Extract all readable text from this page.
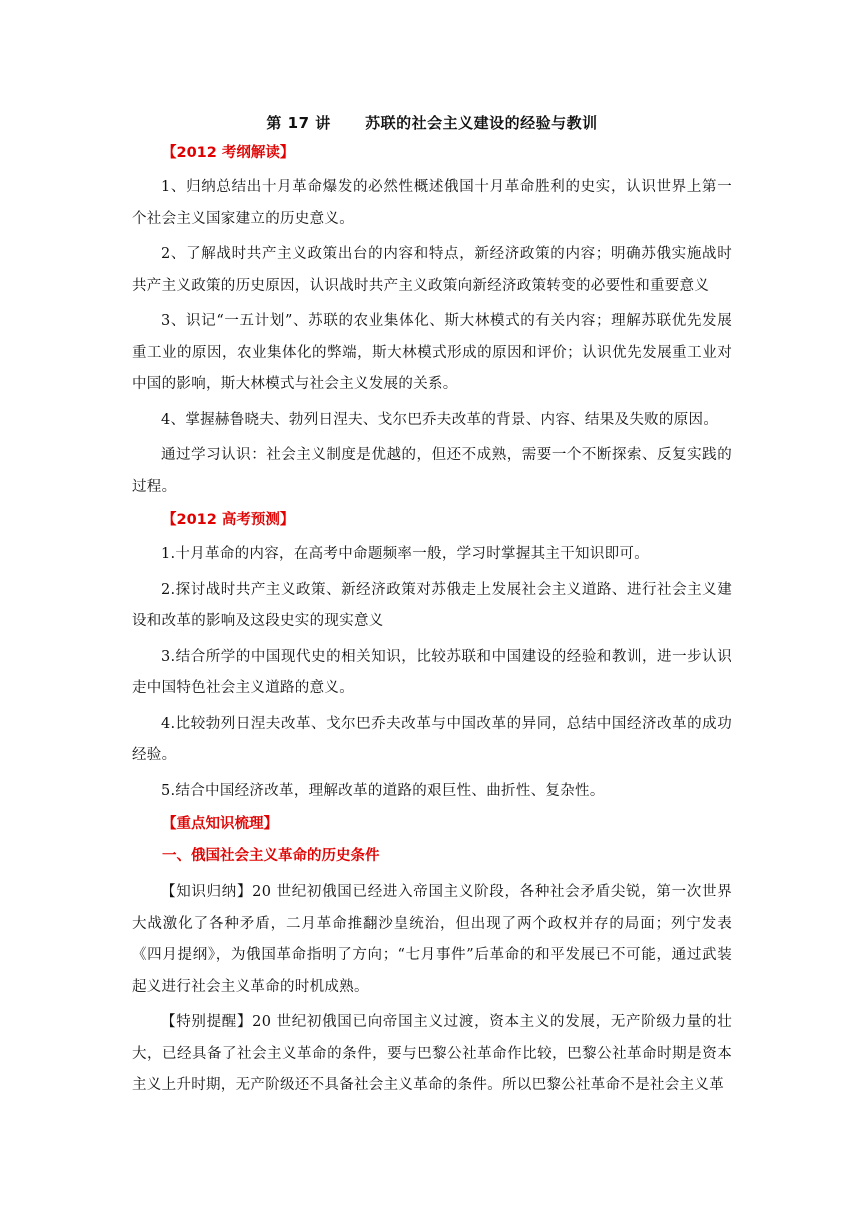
第 17 讲      苏联的社会主义建设的经验与教训
【2012 考纲解读】

1、归纳总结出十月革命爆发的必然性概述俄国十月革命胜利的史实，认识世界上第一个社会主义国家建立的历史意义。

2、了解战时共产主义政策出台的内容和特点，新经济政策的内容；明确苏俄实施战时共产主义政策的历史原因，认识战时共产主义政策向新经济政策转变的必要性和重要意义

3、识记“一五计划”、苏联的农业集体化、斯大林模式的有关内容；理解苏联优先发展重工业的原因，农业集体化的弊端，斯大林模式形成的原因和评价；认识优先发展重工业对中国的影响，斯大林模式与社会主义发展的关系。

4、掌握赫鲁晓夫、勃列日涅夫、戈尔巴乔夫改革的背景、内容、结果及失败的原因。

通过学习认识：社会主义制度是优越的，但还不成熟，需要一个不断探索、反复实践的过程。

【2012 高考预测】

1.十月革命的内容，在高考中命题频率一般，学习时掌握其主干知识即可。

2.探讨战时共产主义政策、新经济政策对苏俄走上发展社会主义道路、进行社会主义建设和改革的影响及这段史实的现实意义

3.结合所学的中国现代史的相关知识，比较苏联和中国建设的经验和教训，进一步认识走中国特色社会主义道路的意义。

4.比较勃列日涅夫改革、戈尔巴乔夫改革与中国改革的异同，总结中国经济改革的成功经验。

5.结合中国经济改革，理解改革的道路的艰巨性、曲折性、复杂性。

【重点知识梳理】
一、俄国社会主义革命的历史条件

【知识归纳】20 世纪初俄国已经进入帝国主义阶段，各种社会矛盾尖锐，第一次世界大战激化了各种矛盾，二月革命推翻沙皇统治，但出现了两个政权并存的局面；列宁发表《四月提纲》，为俄国革命指明了方向；“七月事件”后革命的和平发展已不可能，通过武装起义进行社会主义革命的时机成熟。

【特别提醒】20 世纪初俄国已向帝国主义过渡，资本主义的发展，无产阶级力量的壮大，已经具备了社会主义革命的条件，要与巴黎公社革命作比较，巴黎公社革命时期是资本主义上升时期，无产阶级还不具备社会主义革命的条件。所以巴黎公社革命不是社会主义革
